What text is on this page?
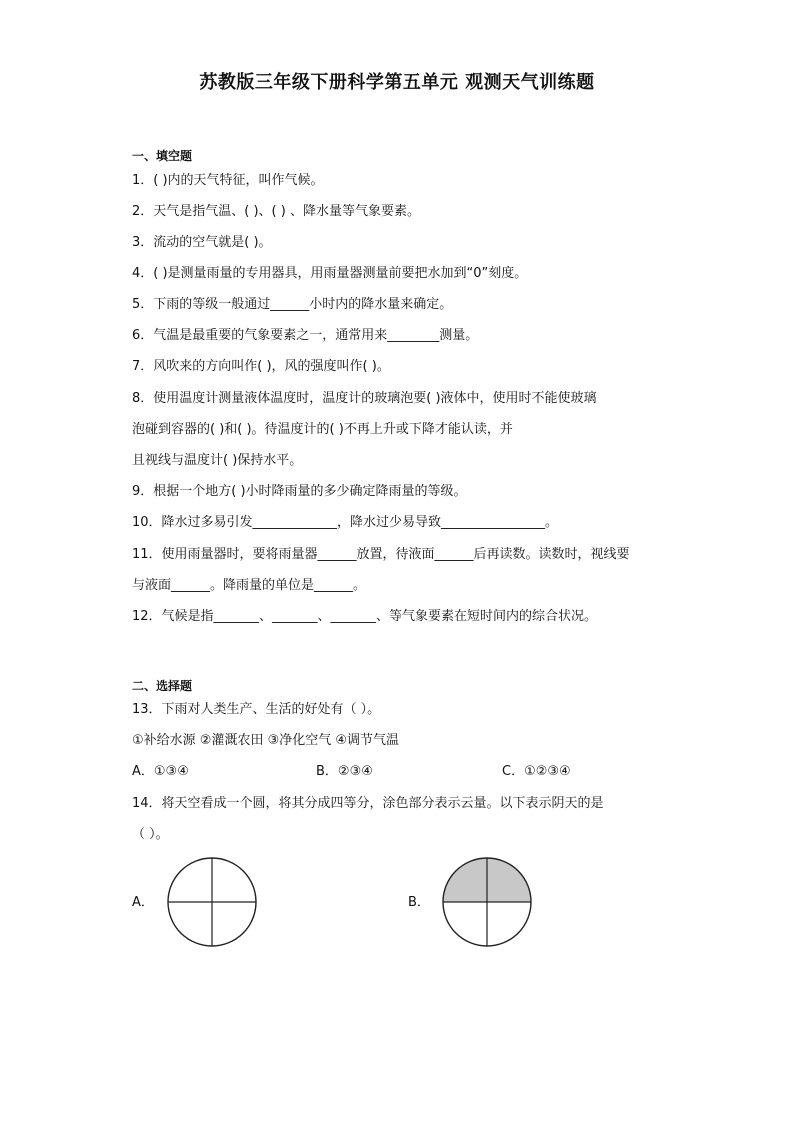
苏教版三年级下册科学第五单元 观测天气训练题
一、填空题
1．( )内的天气特征，叫作气候。
2．天气是指气温、( )、( ) 、降水量等气象要素。
3．流动的空气就是( )。
4．( )是测量雨量的专用器具，用雨量器测量前要把水加到“0”刻度。
5．下雨的等级一般通过______小时内的降水量来确定。
6．气温是最重要的气象要素之一，通常用来________测量。
7．风吹来的方向叫作( )，风的强度叫作( )。
8．使用温度计测量液体温度时，温度计的玻璃泡要( )液体中，使用时不能使玻璃
泡碰到容器的( )和( )。待温度计的( )不再上升或下降才能认读，并
且视线与温度计( )保持水平。
9．根据一个地方( )小时降雨量的多少确定降雨量的等级。
10．降水过多易引发_____________，降水过少易导致________________。
11．使用雨量器时，要将雨量器______放置，待液面______后再读数。读数时，视线要
与液面______。降雨量的单位是______。
12．气候是指_______、_______、_______、等气象要素在短时间内的综合状况。
二、选择题
13．下雨对人类生产、生活的好处有（ ）。
①补给水源 ②灌溉农田 ③净化空气 ④调节气温
A．①③④	B．②③④	C．①②③④
14．将天空看成一个圆，将其分成四等分，涂色部分表示云量。以下表示阴天的是
（ ）。
A．	B．
